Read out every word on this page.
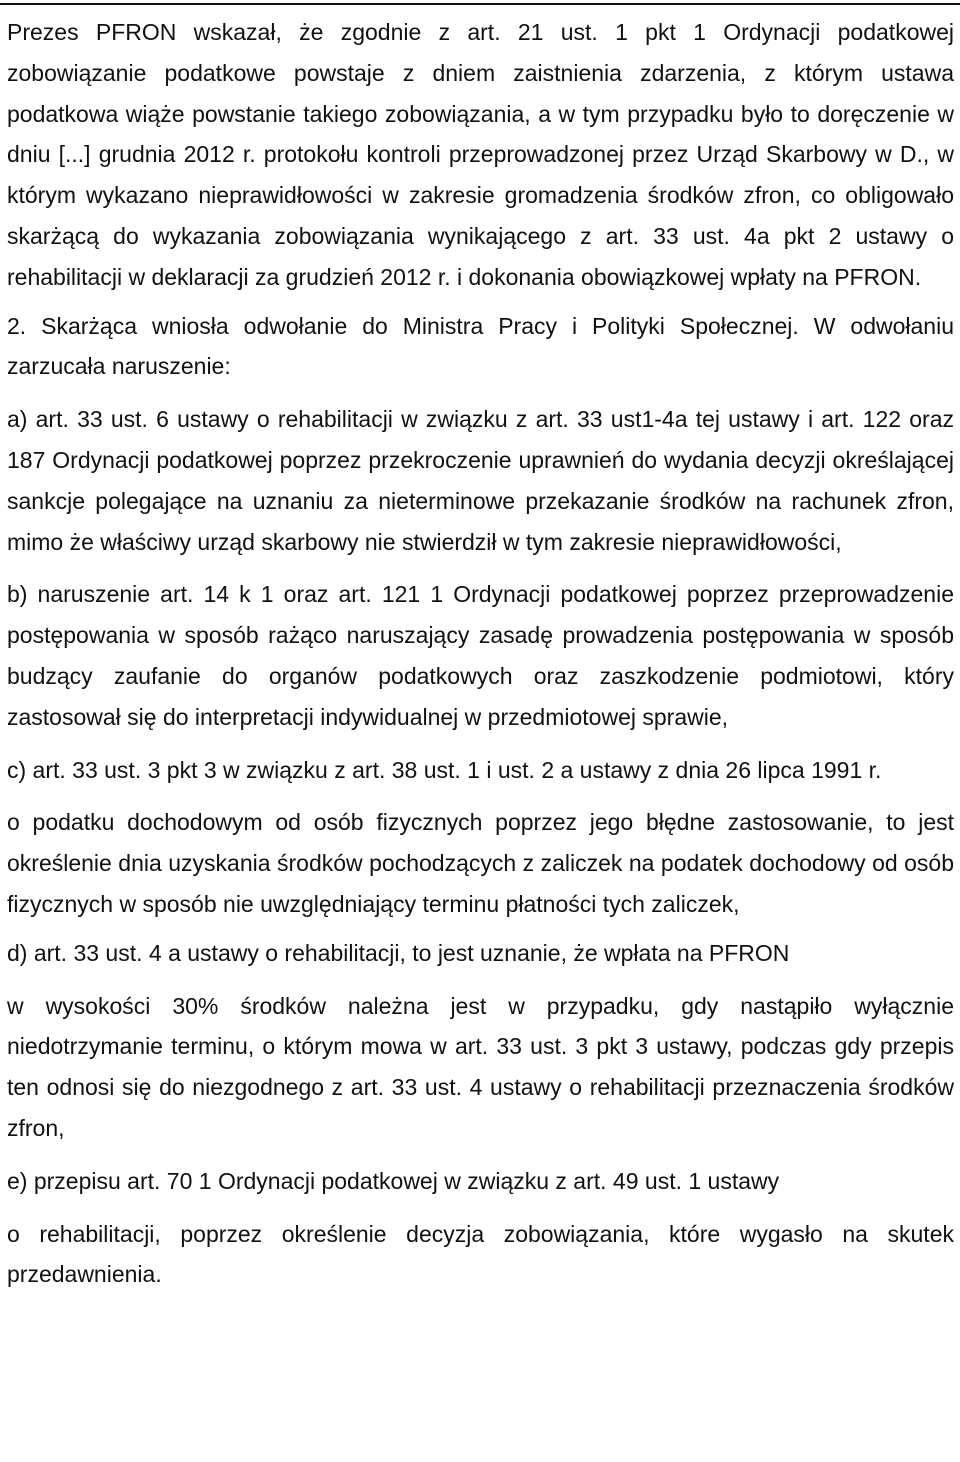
Prezes PFRON wskazał, że zgodnie z art. 21 ust. 1 pkt 1 Ordynacji podatkowej zobowiązanie podatkowe powstaje z dniem zaistnienia zdarzenia, z którym ustawa podatkowa wiąże powstanie takiego zobowiązania, a w tym przypadku było to doręczenie w dniu [...] grudnia 2012 r. protokołu kontroli przeprowadzonej przez Urząd Skarbowy w D., w którym wykazano nieprawidłowości w zakresie gromadzenia środków zfron, co obligowało skarżącą do wykazania zobowiązania wynikającego z art. 33 ust. 4a pkt 2 ustawy o rehabilitacji w deklaracji za grudzień 2012 r. i dokonania obowiązkowej wpłaty na PFRON.

2. Skarżąca wniosła odwołanie do Ministra Pracy i Polityki Społecznej. W odwołaniu zarzucała naruszenie:

a) art. 33 ust. 6 ustawy o rehabilitacji w związku z art. 33 ust1-4a tej ustawy i art. 122 oraz 187 Ordynacji podatkowej poprzez przekroczenie uprawnień do wydania decyzji określającej sankcje polegające na uznaniu za nieterminowe przekazanie środków na rachunek zfron, mimo że właściwy urząd skarbowy nie stwierdził w tym zakresie nieprawidłowości,

b) naruszenie art. 14 k 1 oraz art. 121 1 Ordynacji podatkowej poprzez przeprowadzenie postępowania w sposób rażąco naruszający zasadę prowadzenia postępowania w sposób budzący zaufanie do organów podatkowych oraz zaszkodzenie podmiotowi, który zastosował się do interpretacji indywidualnej w przedmiotowej sprawie,

c) art. 33 ust. 3 pkt 3 w związku z art. 38 ust. 1 i ust. 2 a ustawy z dnia 26 lipca 1991 r.

o podatku dochodowym od osób fizycznych poprzez jego błędne zastosowanie, to jest określenie dnia uzyskania środków pochodzących z zaliczek na podatek dochodowy od osób fizycznych w sposób nie uwzględniający terminu płatności tych zaliczek,

d) art. 33 ust. 4 a ustawy o rehabilitacji, to jest uznanie, że wpłata na PFRON

w wysokości 30% środków należna jest w przypadku, gdy nastąpiło wyłącznie niedotrzymanie terminu, o którym mowa w art. 33 ust. 3 pkt 3 ustawy, podczas gdy przepis ten odnosi się do niezgodnego z art. 33 ust. 4 ustawy o rehabilitacji przeznaczenia środków zfron,

e) przepisu art. 70 1 Ordynacji podatkowej w związku z art. 49 ust. 1 ustawy

o rehabilitacji, poprzez określenie decyzja zobowiązania, które wygasło na skutek przedawnienia.
